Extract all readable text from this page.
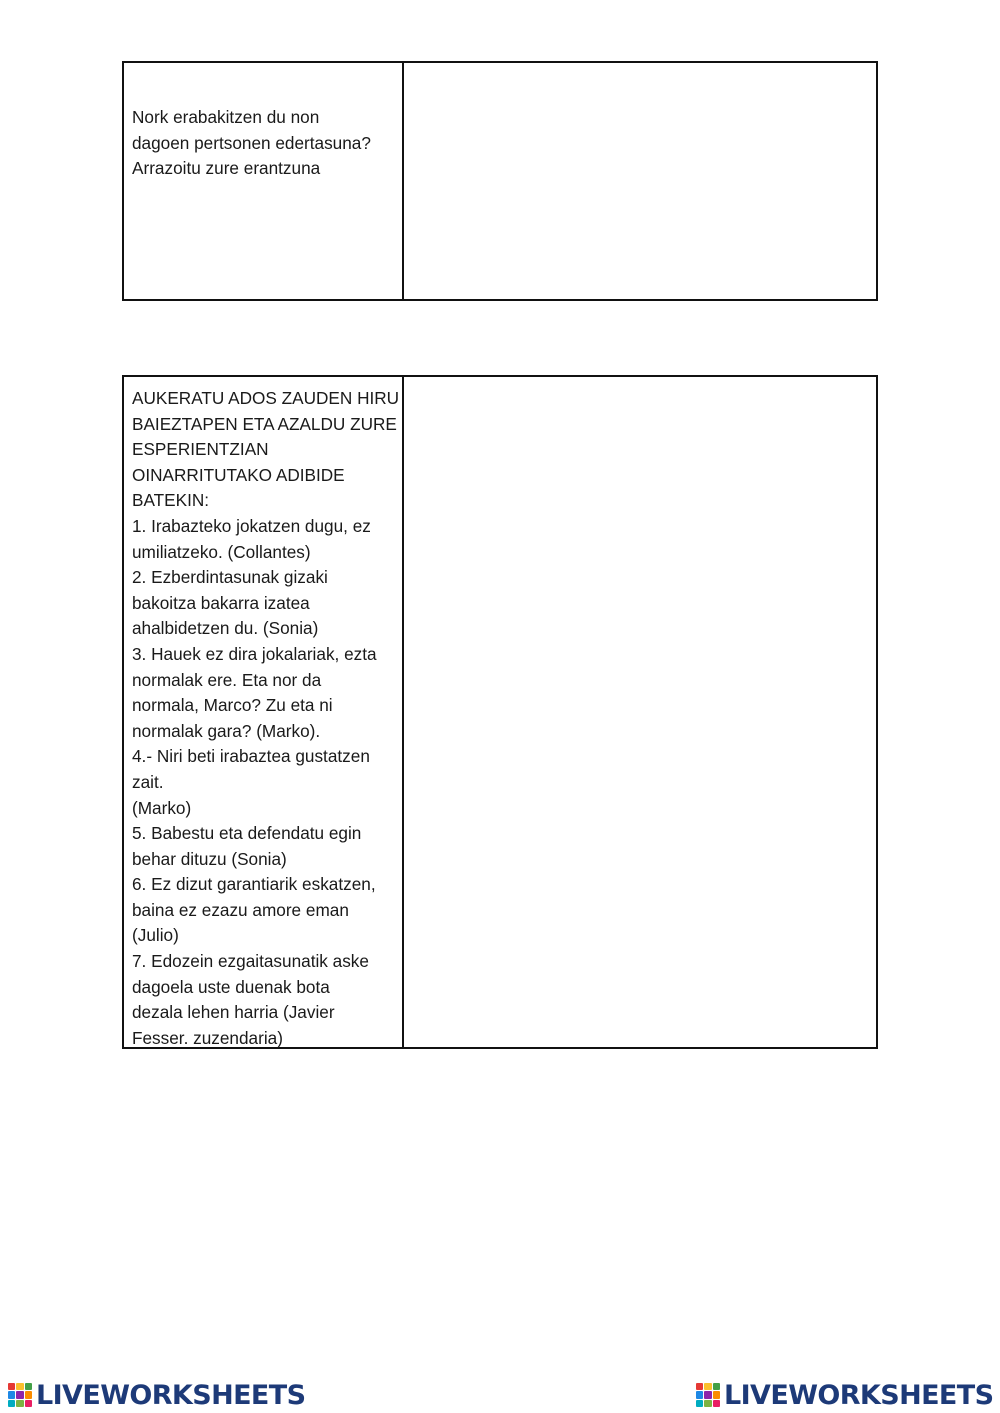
Nork erabakitzen du non
dagoen pertsonen edertasuna?
Arrazoitu zure erantzuna
AUKERATU ADOS ZAUDEN HIRU
BAIEZTAPEN ETA AZALDU ZURE
ESPERIENTZIAN
OINARRITUTAKO ADIBIDE
BATEKIN:
1. Irabazteko jokatzen dugu, ez
umiliatzeko. (Collantes)
2. Ezberdintasunak gizaki
bakoitza bakarra izatea
ahalbidetzen du. (Sonia)
3. Hauek ez dira jokalariak, ezta
normalak ere. Eta nor da
normala, Marco? Zu eta ni
normalak gara? (Marko).
4.- Niri beti irabaztea gustatzen
zait.
(Marko)
5. Babestu eta defendatu egin
behar dituzu (Sonia)
6. Ez dizut garantiarik eskatzen,
baina ez ezazu amore eman
(Julio)
7. Edozein ezgaitasunatik aske
dagoela uste duenak bota
dezala lehen harria (Javier
Fesser. zuzendaria)
LIVEWORKSHEETS	LIVEWORKSHEETS
